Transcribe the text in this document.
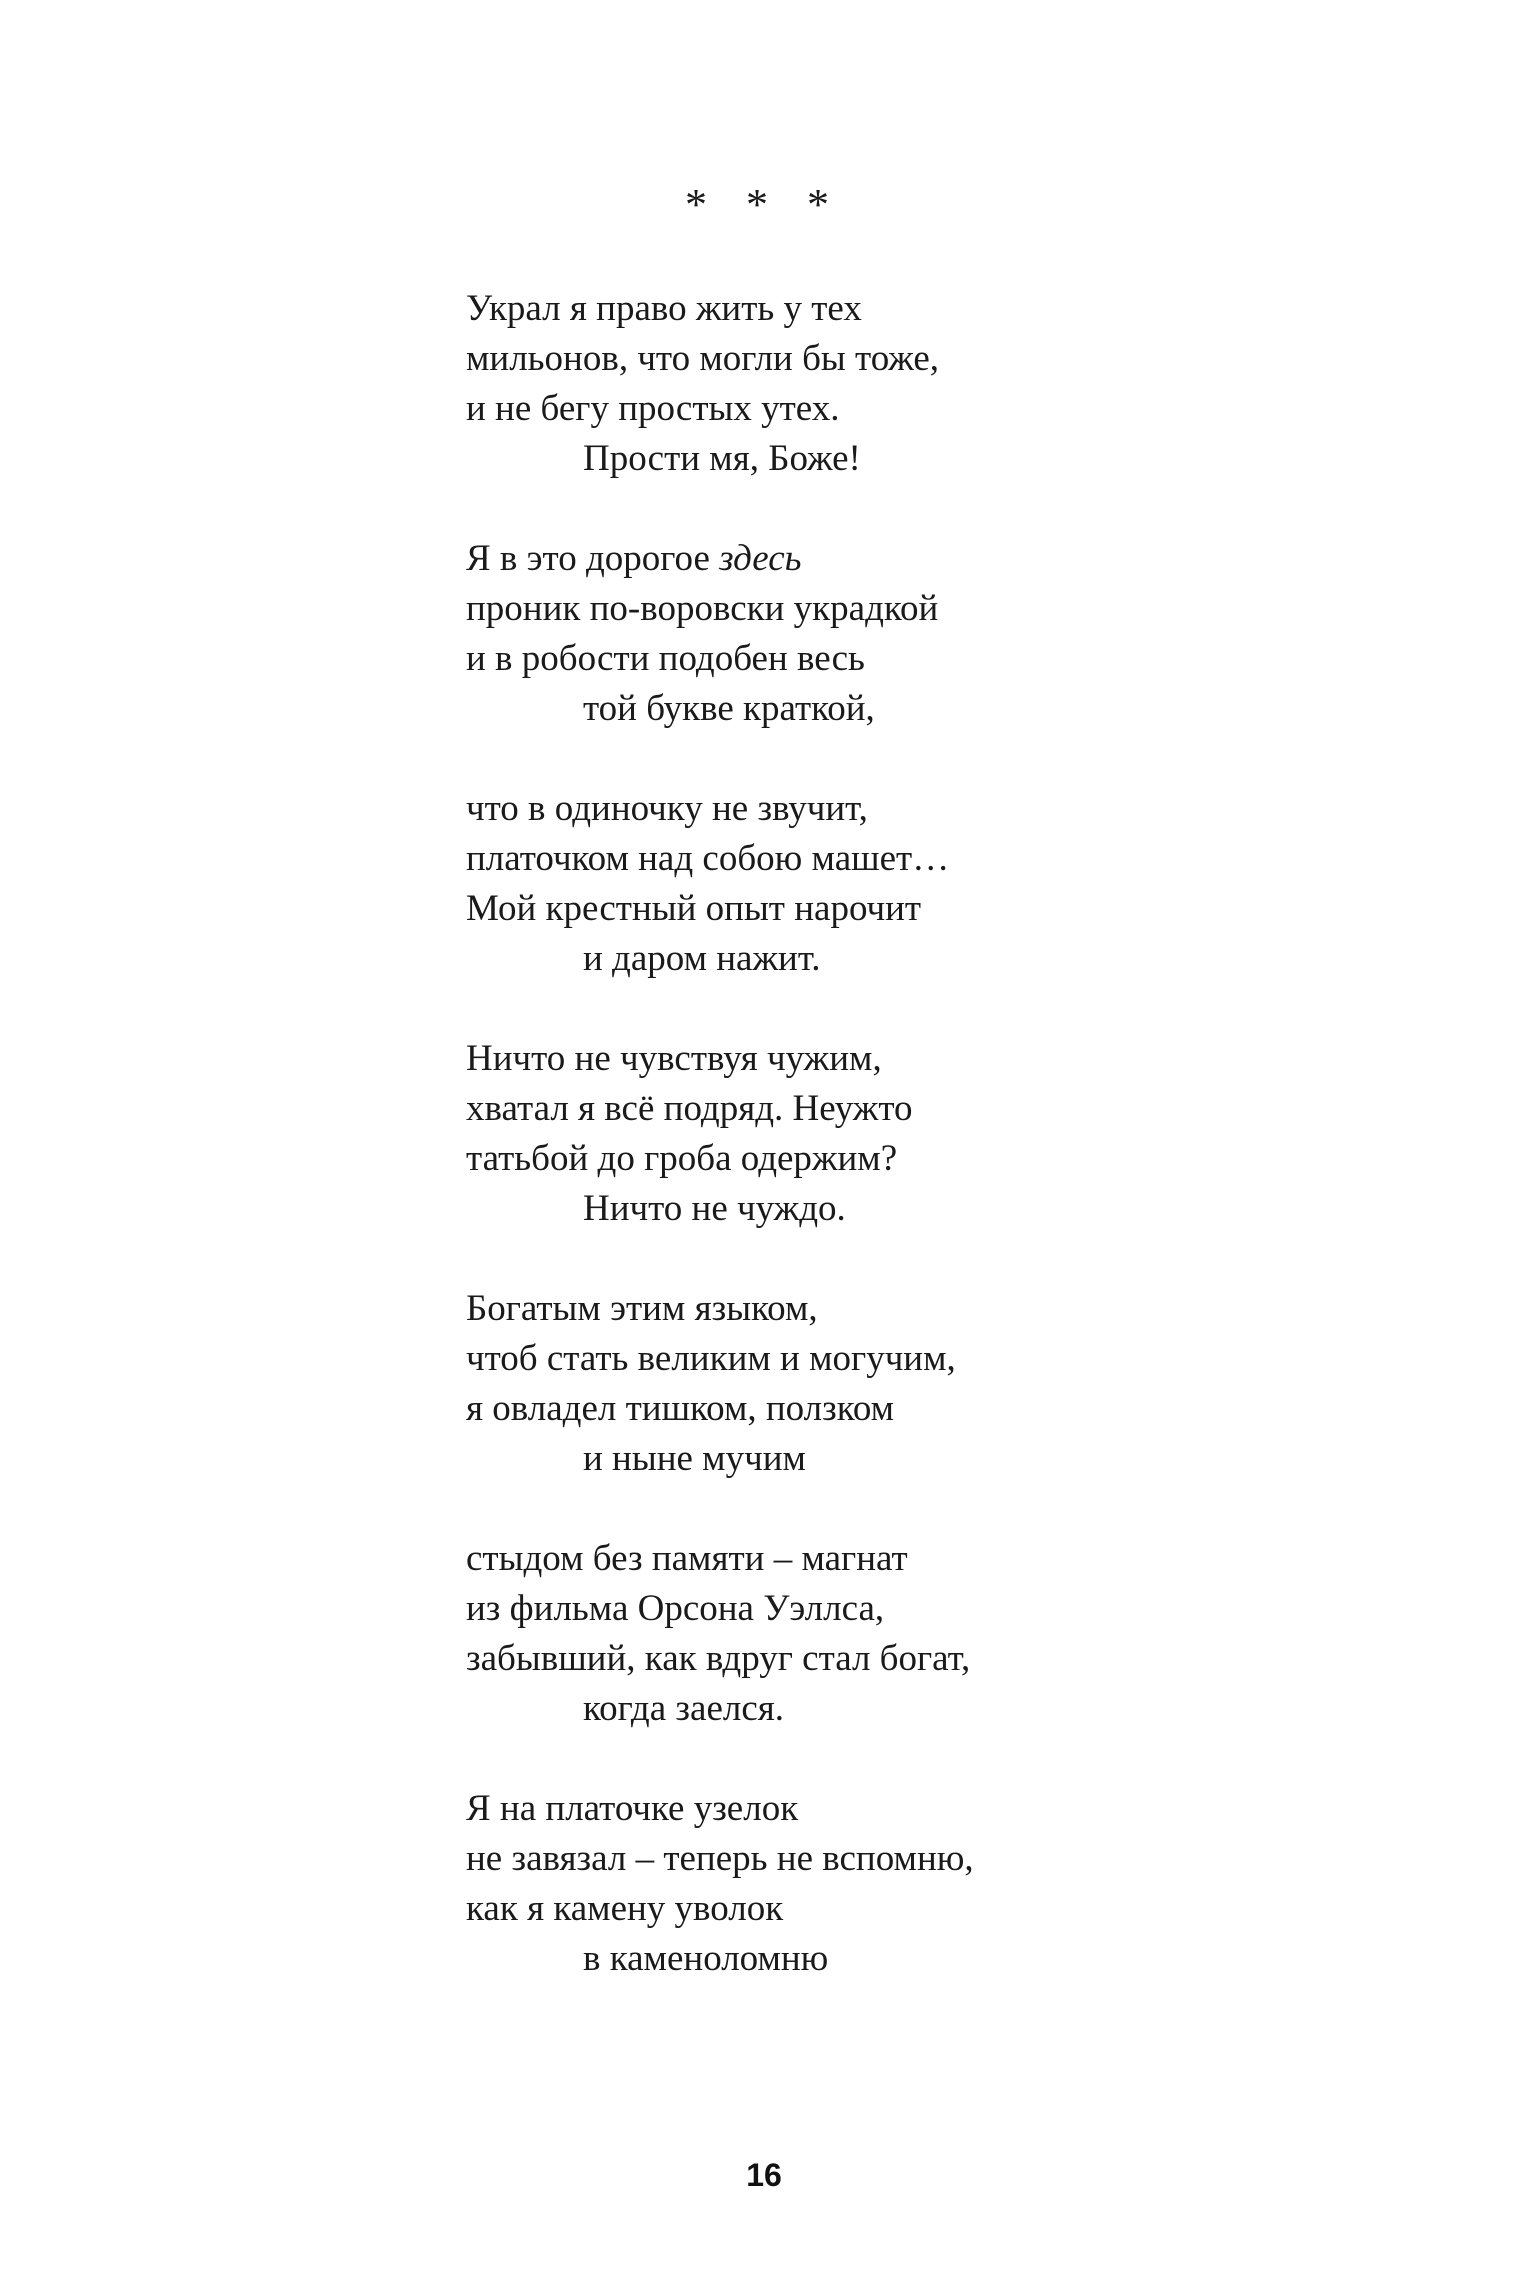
* * *
Украл я право жить у тех
мильонов, что могли бы тоже,
и не бегу простых утех.
Прости мя, Боже!
Я в это дорогое здесь
проник по-воровски украдкой
и в робости подобен весь
той букве краткой,
что в одиночку не звучит,
платочком над собою машет…
Мой крестный опыт нарочит
и даром нажит.
Ничто не чувствуя чужим,
хватал я всё подряд. Неужто
татьбой до гроба одержим?
Ничто не чуждо.
Богатым этим языком,
чтоб стать великим и могучим,
я овладел тишком, ползком
и ныне мучим
стыдом без памяти – магнат
из фильма Орсона Уэллса,
забывший, как вдруг стал богат,
когда заелся.
Я на платочке узелок
не завязал – теперь не вспомню,
как я камену уволок
в каменоломню
16
